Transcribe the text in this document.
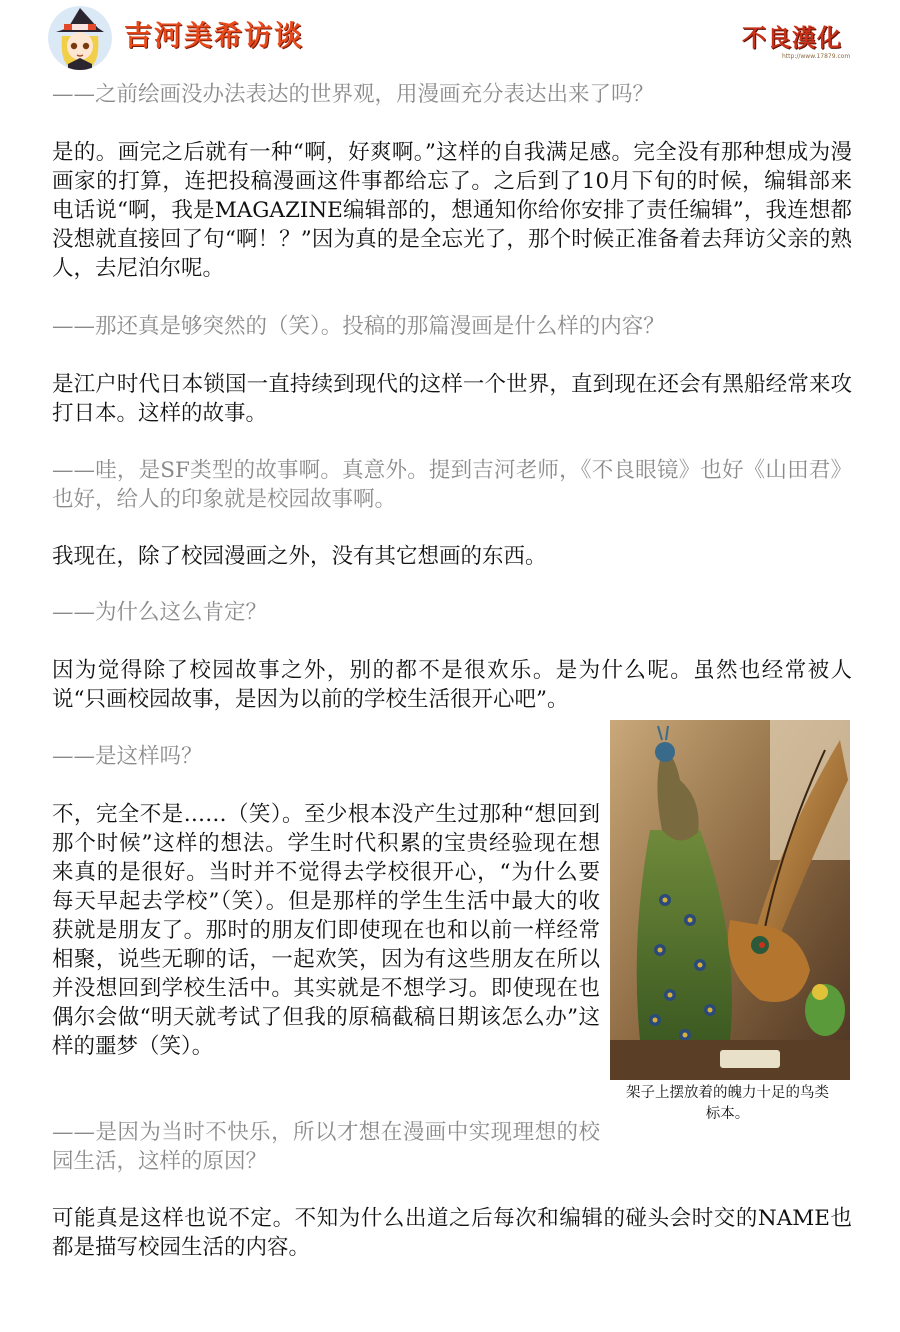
吉河美希访谈	不良漢化
http://www.17879.com

——之前绘画没办法表达的世界观，用漫画充分表达出来了吗？

是的。画完之后就有一种“啊，好爽啊。”这样的自我满足感。完全没有那种想成为漫画家的打算，连把投稿漫画这件事都给忘了。之后到了10月下旬的时候，编辑部来电话说“啊，我是MAGAZINE编辑部的，想通知你给你安排了责任编辑”，我连想都没想就直接回了句“啊！？”因为真的是全忘光了，那个时候正准备着去拜访父亲的熟人，去尼泊尔呢。

——那还真是够突然的（笑）。投稿的那篇漫画是什么样的内容？

是江户时代日本锁国一直持续到现代的这样一个世界，直到现在还会有黑船经常来攻打日本。这样的故事。

——哇，是SF类型的故事啊。真意外。提到吉河老师，《不良眼镜》也好《山田君》也好，给人的印象就是校园故事啊。

我现在，除了校园漫画之外，没有其它想画的东西。

——为什么这么肯定？

因为觉得除了校园故事之外，别的都不是很欢乐。是为什么呢。虽然也经常被人说“只画校园故事，是因为以前的学校生活很开心吧”。

——是这样吗？

不，完全不是……（笑）。至少根本没产生过那种“想回到那个时候”这样的想法。学生时代积累的宝贵经验现在想来真的是很好。当时并不觉得去学校很开心，“为什么要每天早起去学校”（笑）。但是那样的学生生活中最大的收获就是朋友了。那时的朋友们即使现在也和以前一样经常相聚，说些无聊的话，一起欢笑，因为有这些朋友在所以并没想回到学校生活中。其实就是不想学习。即使现在也偶尔会做“明天就考试了但我的原稿截稿日期该怎么办”这样的噩梦（笑）。

——是因为当时不快乐，所以才想在漫画中实现理想的校园生活，这样的原因？

可能真是这样也说不定。不知为什么出道之后每次和编辑的碰头会时交的NAME也都是描写校园生活的内容。

架子上摆放着的魄力十足的鸟类标本。
